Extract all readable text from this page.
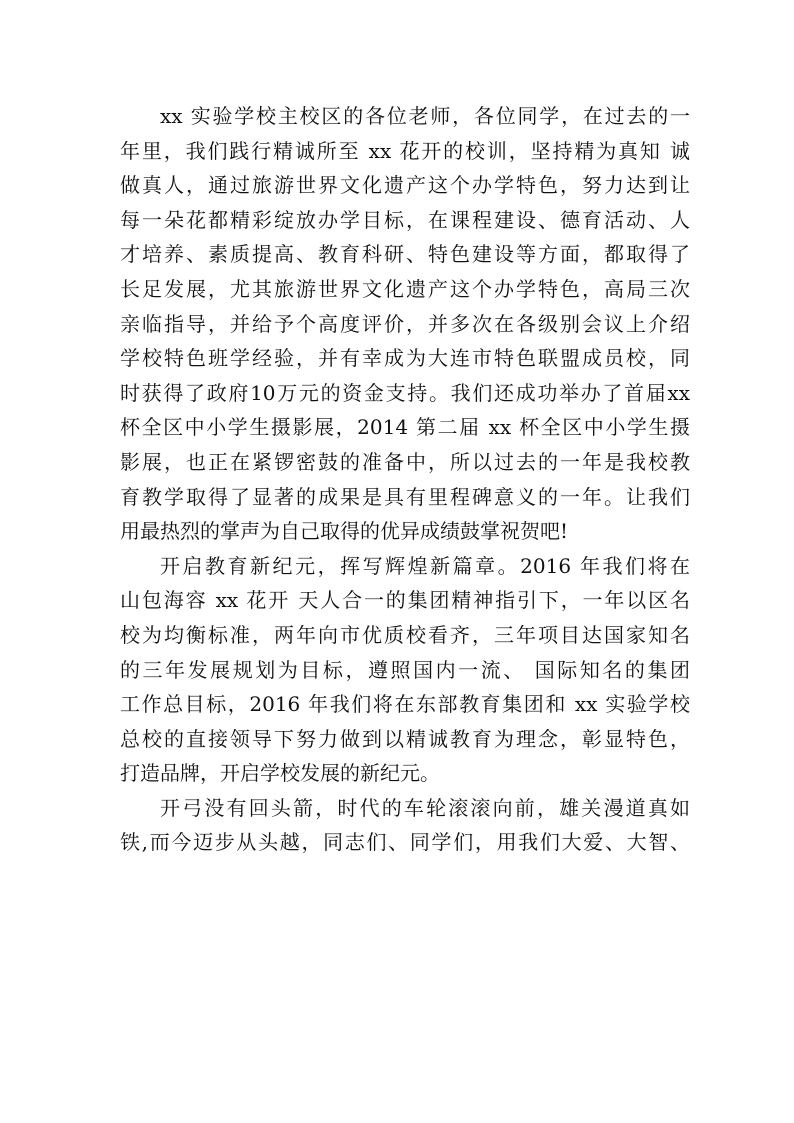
xx 实验学校主校区的各位老师，各位同学，在过去的一
年里，我们践行精诚所至 xx 花开的校训，坚持精为真知 诚
做真人，通过旅游世界文化遗产这个办学特色，努力达到让
每一朵花都精彩绽放办学目标，在课程建设、德育活动、人
才培养、素质提高、教育科研、特色建设等方面，都取得了
长足发展，尤其旅游世界文化遗产这个办学特色，高局三次
亲临指导，并给予个高度评价，并多次在各级别会议上介绍
学校特色班学经验，并有幸成为大连市特色联盟成员校，同
时获得了政府10万元的资金支持。我们还成功举办了首届xx
杯全区中小学生摄影展，2014 第二届 xx 杯全区中小学生摄
影展，也正在紧锣密鼓的准备中，所以过去的一年是我校教
育教学取得了显著的成果是具有里程碑意义的一年。让我们
用最热烈的掌声为自己取得的优异成绩鼓掌祝贺吧!
开启教育新纪元，挥写辉煌新篇章。2016 年我们将在
山包海容 xx 花开 天人合一的集团精神指引下，一年以区名
校为均衡标准，两年向市优质校看齐，三年项目达国家知名
的三年发展规划为目标，遵照国内一流、 国际知名的集团
工作总目标，2016 年我们将在东部教育集团和 xx 实验学校
总校的直接领导下努力做到以精诚教育为理念，彰显特色，
打造品牌，开启学校发展的新纪元。
开弓没有回头箭，时代的车轮滚滚向前，雄关漫道真如
铁,而今迈步从头越，同志们、同学们，用我们大爱、大智、
